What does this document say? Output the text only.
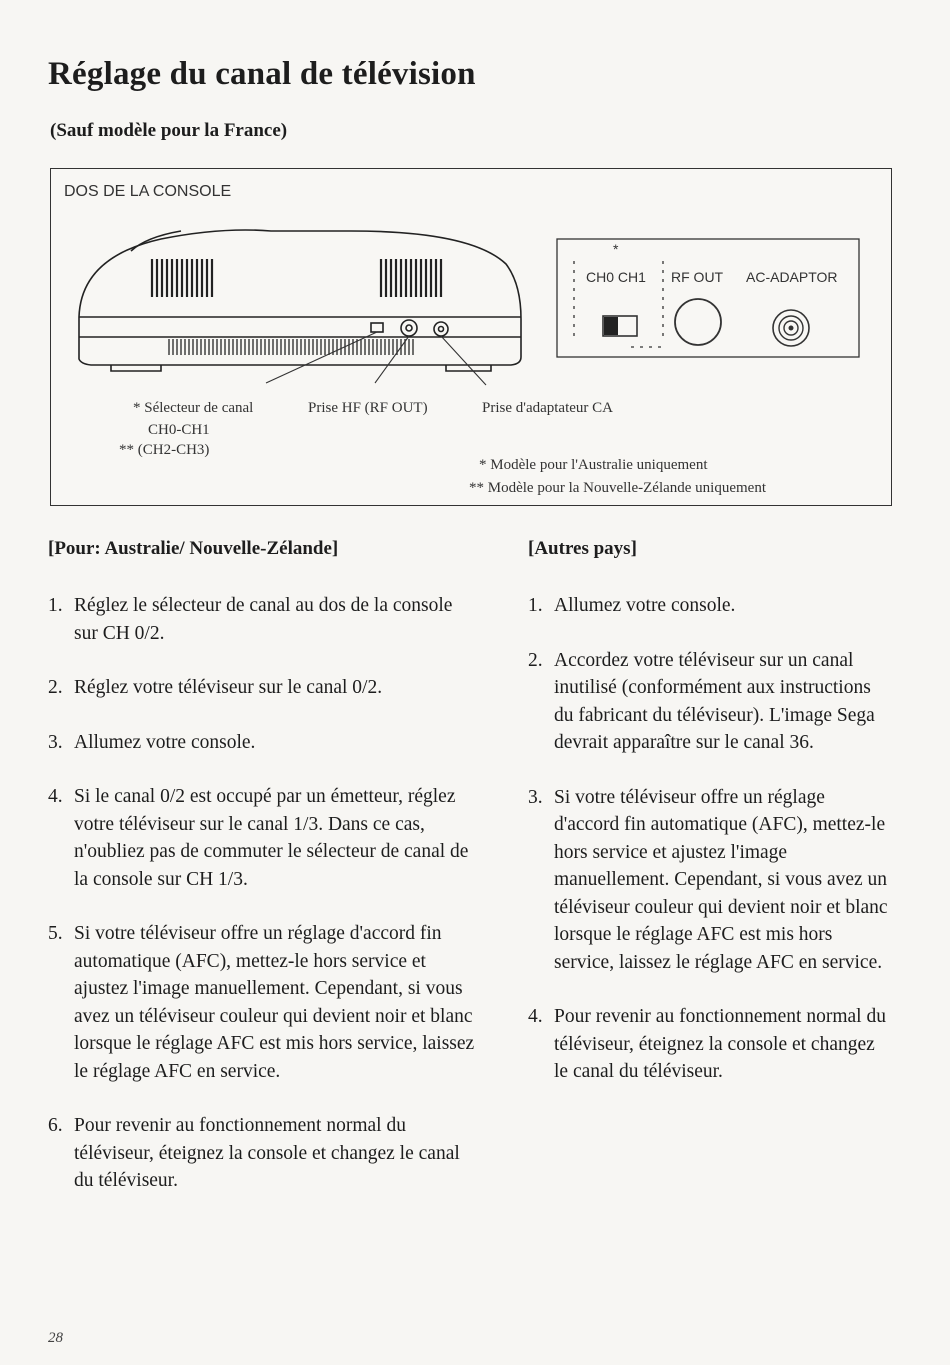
Réglage du canal de télévision
(Sauf modèle pour la France)
DOS DE LA CONSOLE
*
CH0 CH1 RF OUT AC-ADAPTOR
* Sélecteur de canal
CH0-CH1
** (CH2-CH3)
Prise HF (RF OUT)	Prise d'adaptateur CA
* Modèle pour l'Australie uniquement
** Modèle pour la Nouvelle-Zélande uniquement
[Pour: Australie/ Nouvelle-Zélande]
1. Réglez le sélecteur de canal au dos de la console sur CH 0/2.
2. Réglez votre téléviseur sur le canal 0/2.
3. Allumez votre console.
4. Si le canal 0/2 est occupé par un émetteur, réglez votre téléviseur sur le canal 1/3. Dans ce cas, n'oubliez pas de commuter le sélecteur de canal de la console sur CH 1/3.
5. Si votre téléviseur offre un réglage d'accord fin automatique (AFC), mettez-le hors service et ajustez l'image manuellement. Cependant, si vous avez un téléviseur couleur qui devient noir et blanc lorsque le réglage AFC est mis hors service, laissez le réglage AFC en service.
6. Pour revenir au fonctionnement normal du téléviseur, éteignez la console et changez le canal du téléviseur.
[Autres pays]
1. Allumez votre console.
2. Accordez votre téléviseur sur un canal inutilisé (conformément aux instructions du fabricant du téléviseur). L'image Sega devrait apparaître sur le canal 36.
3. Si votre téléviseur offre un réglage d'accord fin automatique (AFC), mettez-le hors service et ajustez l'image manuellement. Cependant, si vous avez un téléviseur couleur qui devient noir et blanc lorsque le réglage AFC est mis hors service, laissez le réglage AFC en service.
4. Pour revenir au fonctionnement normal du téléviseur, éteignez la console et changez le canal du téléviseur.
28
